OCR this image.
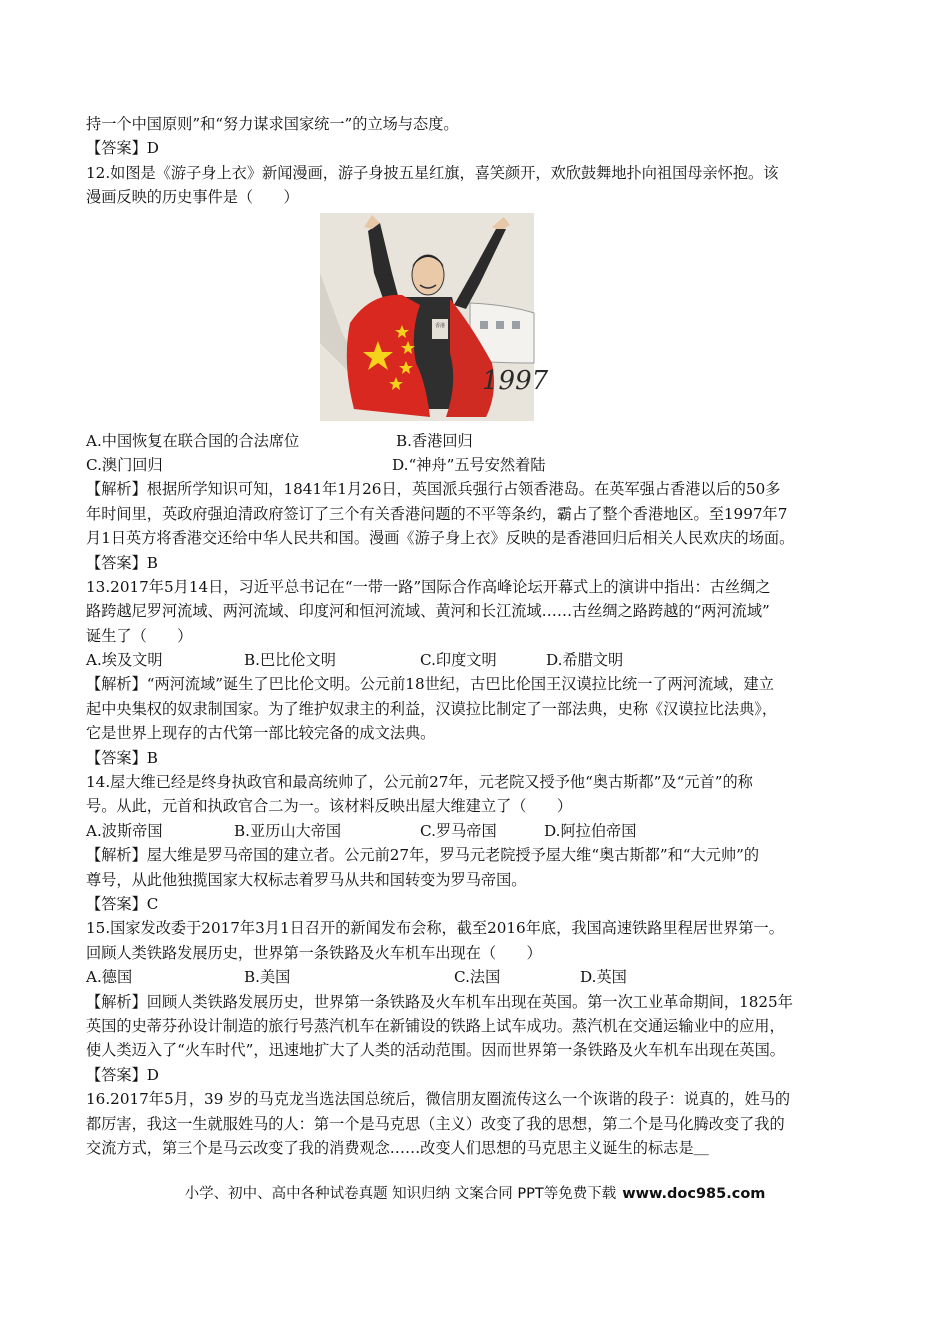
持一个中国原则”和“努力谋求国家统一”的立场与态度。
【答案】D
12.如图是《游子身上衣》新闻漫画，游子身披五星红旗，喜笑颜开，欢欣鼓舞地扑向祖国母亲怀抱。该
漫画反映的历史事件是（　　）
A.中国恢复在联合国的合法席位	B.香港回归
C.澳门回归	D.“神舟”五号安然着陆
【解析】根据所学知识可知，1841年1月26日，英国派兵强行占领香港岛。在英军强占香港以后的50多
年时间里，英政府强迫清政府签订了三个有关香港问题的不平等条约，霸占了整个香港地区。至1997年7
月1日英方将香港交还给中华人民共和国。漫画《游子身上衣》反映的是香港回归后相关人民欢庆的场面。
【答案】B
13.2017年5月14日，习近平总书记在“一带一路”国际合作高峰论坛开幕式上的演讲中指出：古丝绸之
路跨越尼罗河流域、两河流域、印度河和恒河流域、黄河和长江流域……古丝绸之路跨越的“两河流域”
诞生了（　　）
A.埃及文明	B.巴比伦文明	C.印度文明	D.希腊文明
【解析】“两河流域”诞生了巴比伦文明。公元前18世纪，古巴比伦国王汉谟拉比统一了两河流域，建立
起中央集权的奴隶制国家。为了维护奴隶主的利益，汉谟拉比制定了一部法典，史称《汉谟拉比法典》，
它是世界上现存的古代第一部比较完备的成文法典。
【答案】B
14.屋大维已经是终身执政官和最高统帅了，公元前27年，元老院又授予他“奥古斯都”及“元首”的称
号。从此，元首和执政官合二为一。该材料反映出屋大维建立了（　　）
A.波斯帝国	B.亚历山大帝国	C.罗马帝国	D.阿拉伯帝国
【解析】屋大维是罗马帝国的建立者。公元前27年，罗马元老院授予屋大维“奥古斯都”和“大元帅”的
尊号，从此他独揽国家大权标志着罗马从共和国转变为罗马帝国。
【答案】C
15.国家发改委于2017年3月1日召开的新闻发布会称，截至2016年底，我国高速铁路里程居世界第一。
回顾人类铁路发展历史，世界第一条铁路及火车机车出现在（　　）
A.德国	B.美国	C.法国	D.英国
【解析】回顾人类铁路发展历史，世界第一条铁路及火车机车出现在英国。第一次工业革命期间，1825年
英国的史蒂芬孙设计制造的旅行号蒸汽机车在新铺设的铁路上试车成功。蒸汽机在交通运输业中的应用，
使人类迈入了“火车时代”，迅速地扩大了人类的活动范围。因而世界第一条铁路及火车机车出现在英国。
【答案】D
16.2017年5月，39 岁的马克龙当选法国总统后，微信朋友圈流传这么一个诙谐的段子：说真的，姓马的
都厉害，我这一生就服姓马的人：第一个是马克思（主义）改变了我的思想，第二个是马化腾改变了我的
交流方式，第三个是马云改变了我的消费观念……改变人们思想的马克思主义诞生的标志是＿
香港
1997
小学、初中、高中各种试卷真题 知识归纳 文案合同 PPT等免费下载 www.doc985.com
